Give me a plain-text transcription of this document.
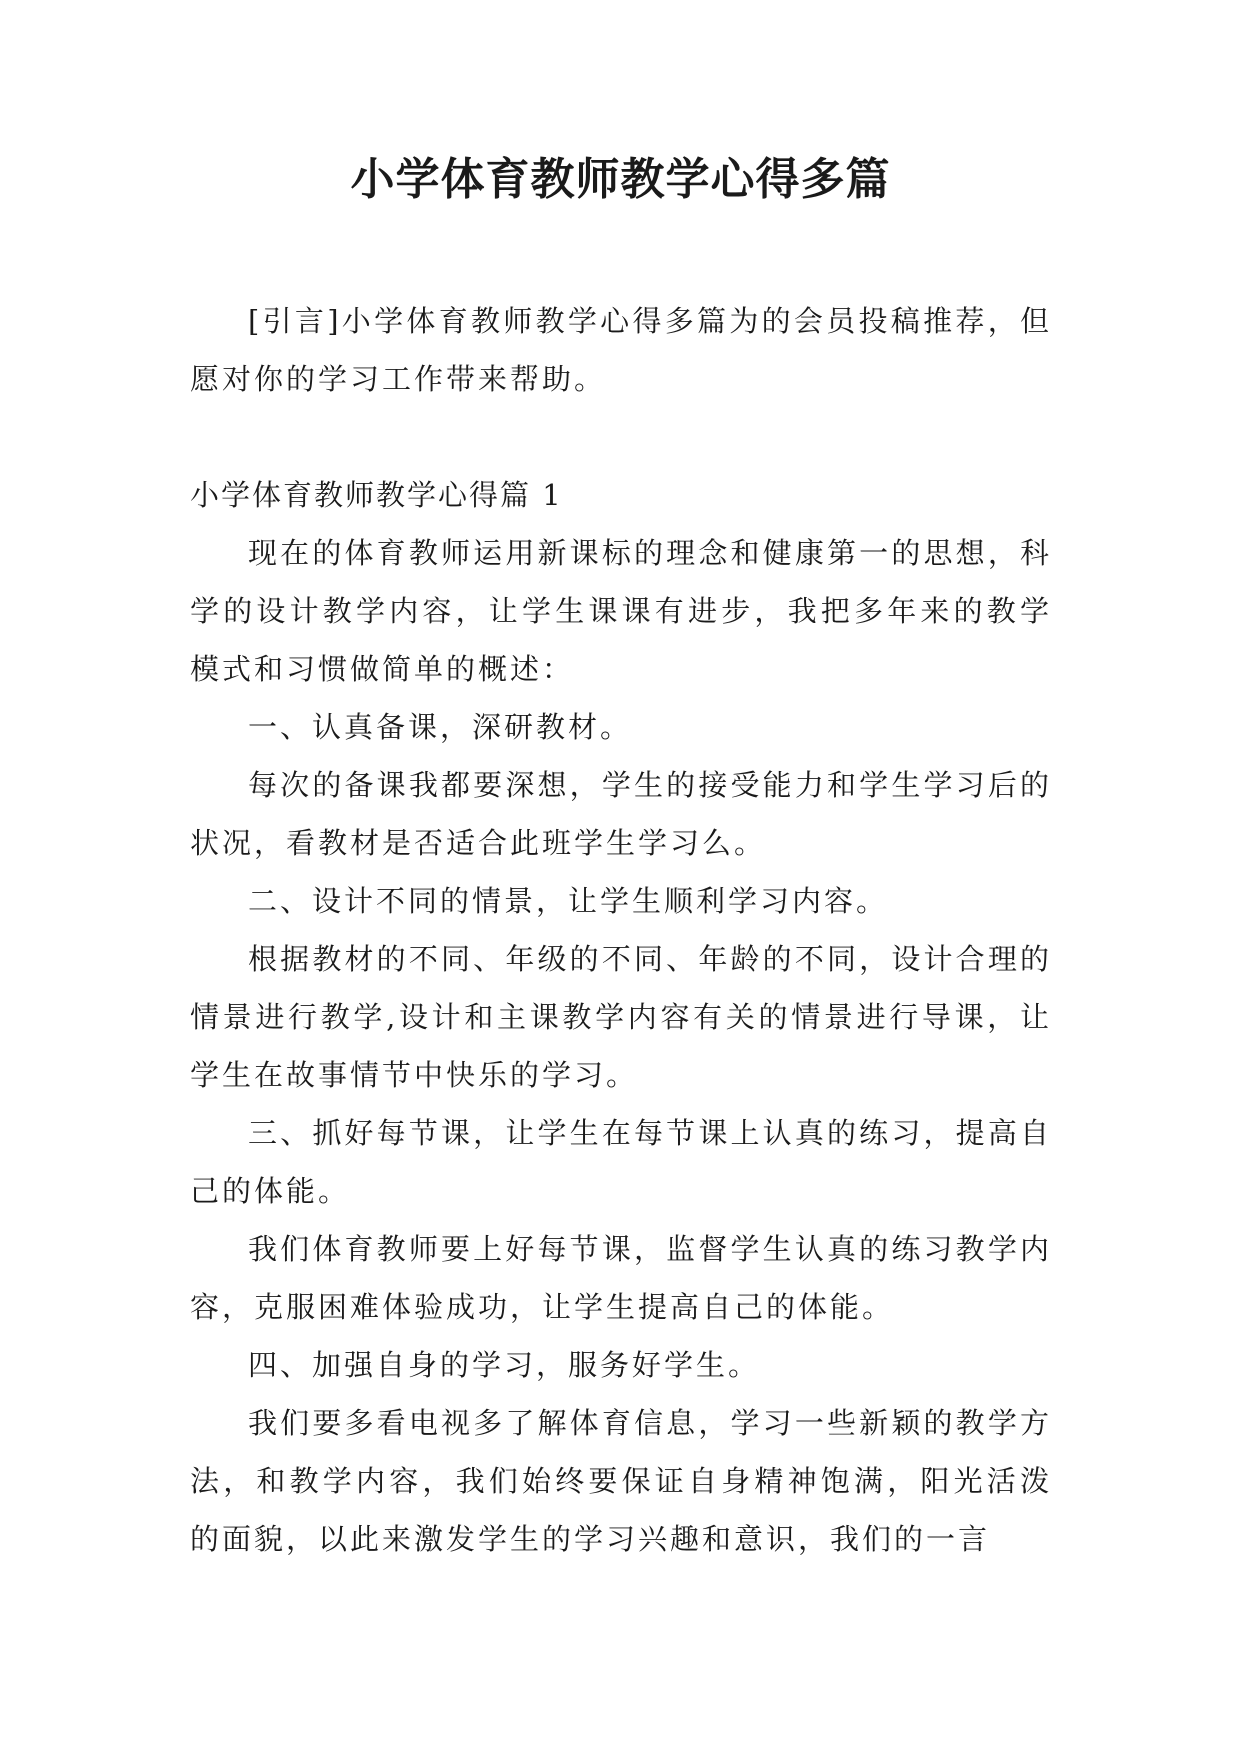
小学体育教师教学心得多篇

[引言]小学体育教师教学心得多篇为的会员投稿推荐，但愿对你的学习工作带来帮助。

小学体育教师教学心得篇 1

现在的体育教师运用新课标的理念和健康第一的思想，科学的设计教学内容，让学生课课有进步，我把多年来的教学模式和习惯做简单的概述：

一、认真备课，深研教材。

每次的备课我都要深想，学生的接受能力和学生学习后的状况，看教材是否适合此班学生学习么。

二、设计不同的情景，让学生顺利学习内容。

根据教材的不同、年级的不同、年龄的不同，设计合理的情景进行教学,设计和主课教学内容有关的情景进行导课，让学生在故事情节中快乐的学习。

三、抓好每节课，让学生在每节课上认真的练习，提高自己的体能。

我们体育教师要上好每节课，监督学生认真的练习教学内容，克服困难体验成功，让学生提高自己的体能。

四、加强自身的学习，服务好学生。

我们要多看电视多了解体育信息，学习一些新颖的教学方法，和教学内容，我们始终要保证自身精神饱满，阳光活泼的面貌，以此来激发学生的学习兴趣和意识，我们的一言
